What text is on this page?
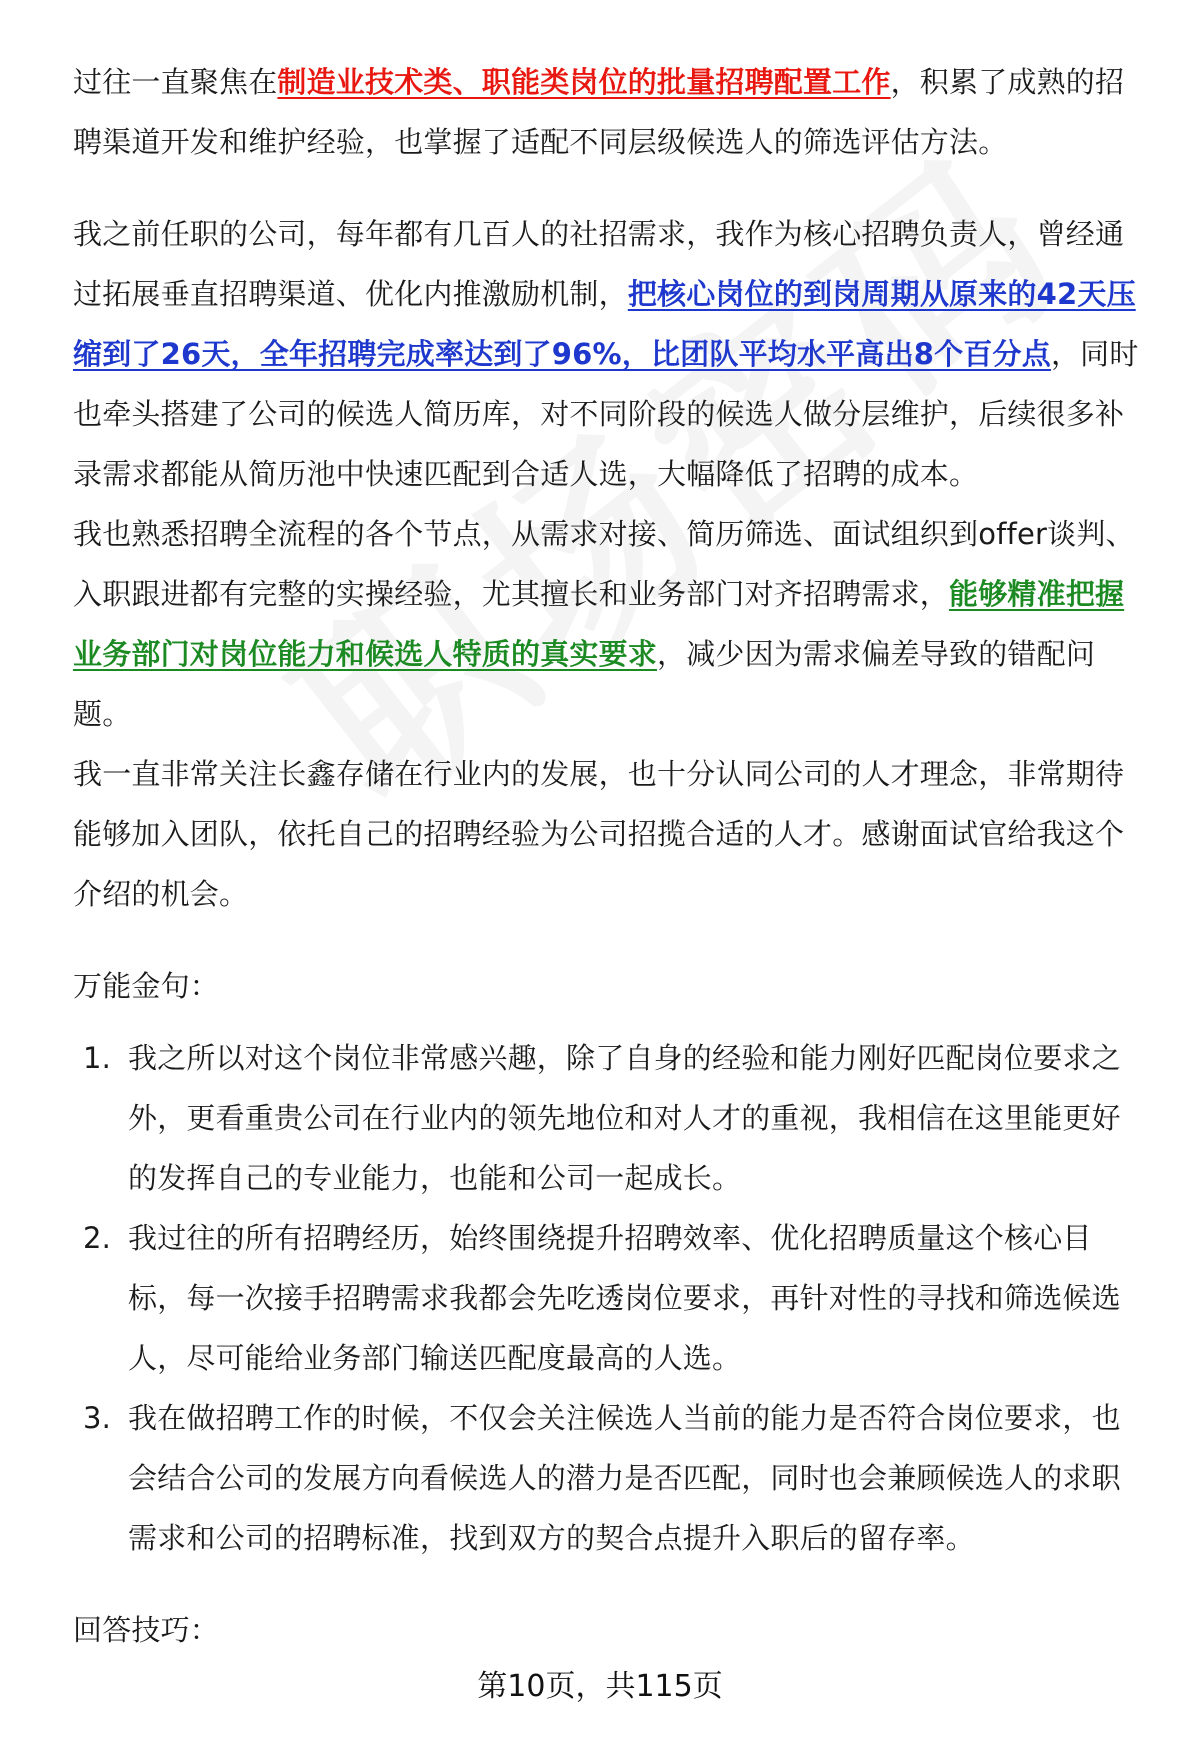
过往一直聚焦在制造业技术类、职能类岗位的批量招聘配置工作，积累了成熟的招聘渠道开发和维护经验，也掌握了适配不同层级候选人的筛选评估方法。

我之前任职的公司，每年都有几百人的社招需求，我作为核心招聘负责人，曾经通过拓展垂直招聘渠道、优化内推激励机制，把核心岗位的到岗周期从原来的42天压缩到了26天，全年招聘完成率达到了96%，比团队平均水平高出8个百分点，同时也牵头搭建了公司的候选人简历库，对不同阶段的候选人做分层维护，后续很多补录需求都能从简历池中快速匹配到合适人选，大幅降低了招聘的成本。

我也熟悉招聘全流程的各个节点，从需求对接、简历筛选、面试组织到offer谈判、入职跟进都有完整的实操经验，尤其擅长和业务部门对齐招聘需求，能够精准把握业务部门对岗位能力和候选人特质的真实要求，减少因为需求偏差导致的错配问题。

我一直非常关注长鑫存储在行业内的发展，也十分认同公司的人才理念，非常期待能够加入团队，依托自己的招聘经验为公司招揽合适的人才。感谢面试官给我这个介绍的机会。

万能金句：

1. 我之所以对这个岗位非常感兴趣，除了自身的经验和能力刚好匹配岗位要求之外，更看重贵公司在行业内的领先地位和对人才的重视，我相信在这里能更好的发挥自己的专业能力，也能和公司一起成长。
2. 我过往的所有招聘经历，始终围绕提升招聘效率、优化招聘质量这个核心目标，每一次接手招聘需求我都会先吃透岗位要求，再针对性的寻找和筛选候选人，尽可能给业务部门输送匹配度最高的人选。
3. 我在做招聘工作的时候，不仅会关注候选人当前的能力是否符合岗位要求，也会结合公司的发展方向看候选人的潜力是否匹配，同时也会兼顾候选人的求职需求和公司的招聘标准，找到双方的契合点提升入职后的留存率。

回答技巧：

第10页，共115页
